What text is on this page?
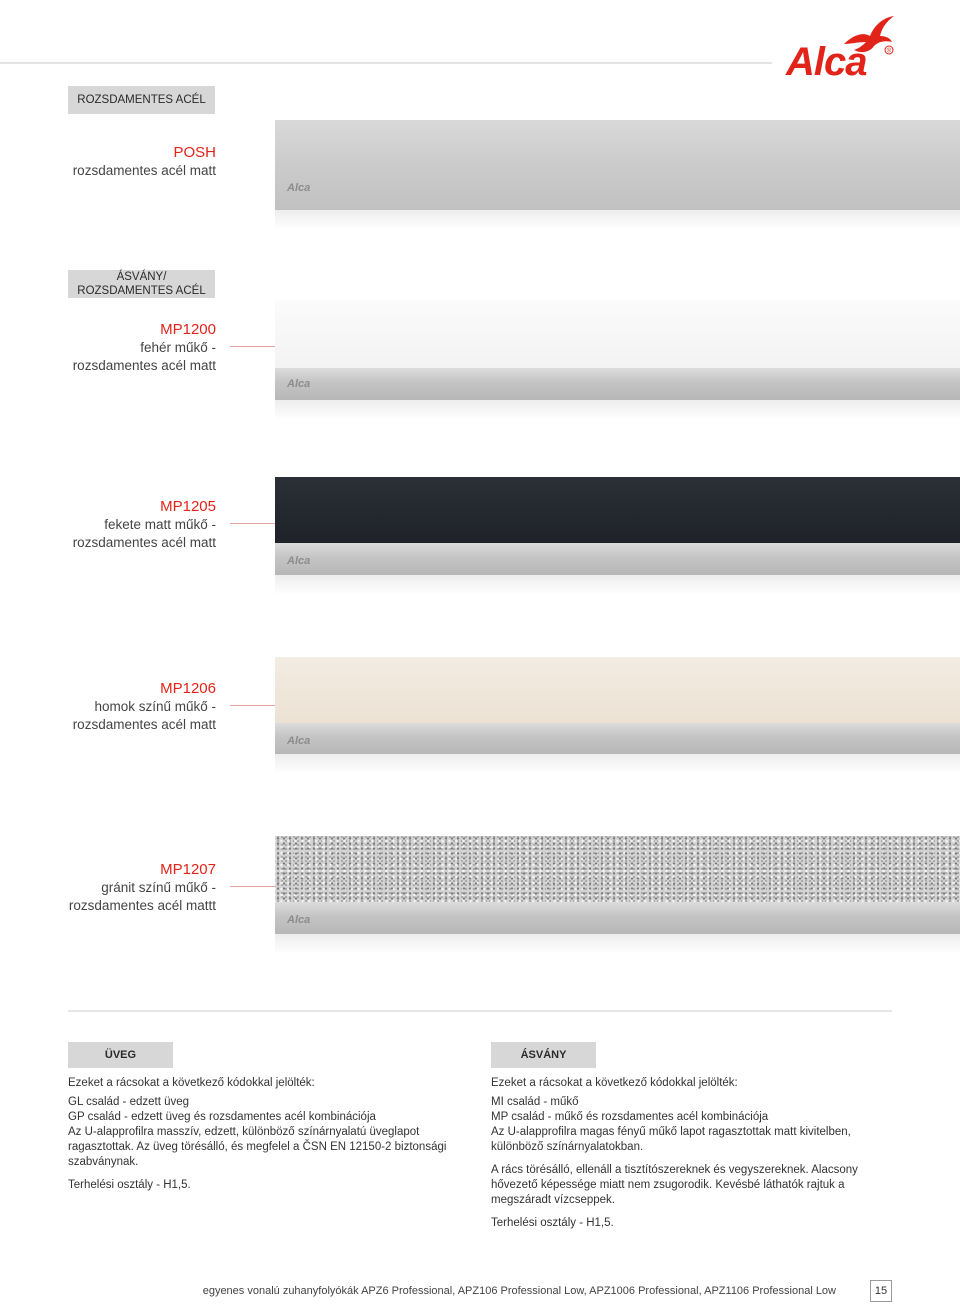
®
Alca
ROZSDAMENTES ACÉL
POSH
rozsdamentes acél matt
Alca
ÁSVÁNY/
ROZSDAMENTES ACÉL
MP1200
fehér műkő -
rozsdamentes acél matt
Alca
MP1205
fekete matt műkő -
rozsdamentes acél matt
Alca
MP1206
homok színű műkő -
rozsdamentes acél matt
Alca
MP1207
gránit színű műkő -
rozsdamentes acél mattt
Alca
ÜVEG

Ezeket a rácsokat a következő kódokkal jelölték:

GL család - edzett üveg

GP család - edzett üveg és rozsdamentes acél kombinációja

Az U-alapprofilra masszív, edzett, különböző színárnyalatú üveglapot ragasztottak. Az üveg törésálló, és megfelel a ČSN EN 12150-2 biztonsági szabványnak.

Terhelési osztály - H1,5.

ÁSVÁNY

Ezeket a rácsokat a következő kódokkal jelölték:

MI család - műkő

MP család - műkő és rozsdamentes acél kombinációja

Az U-alapprofilra magas fényű műkő lapot ragasztottak matt kivitelben, különböző színárnyalatokban.

A rács törésálló, ellenáll a tisztítószereknek és vegyszereknek. Alacsony hővezető képessége miatt nem zsugorodik. Kevésbé láthatók rajtuk a megszáradt vízcseppek.

Terhelési osztály - H1,5.

egyenes vonalú zuhanyfolyókák APZ6 Professional, APZ106 Professional Low, APZ1006 Professional, APZ1106 Professional Low	15
